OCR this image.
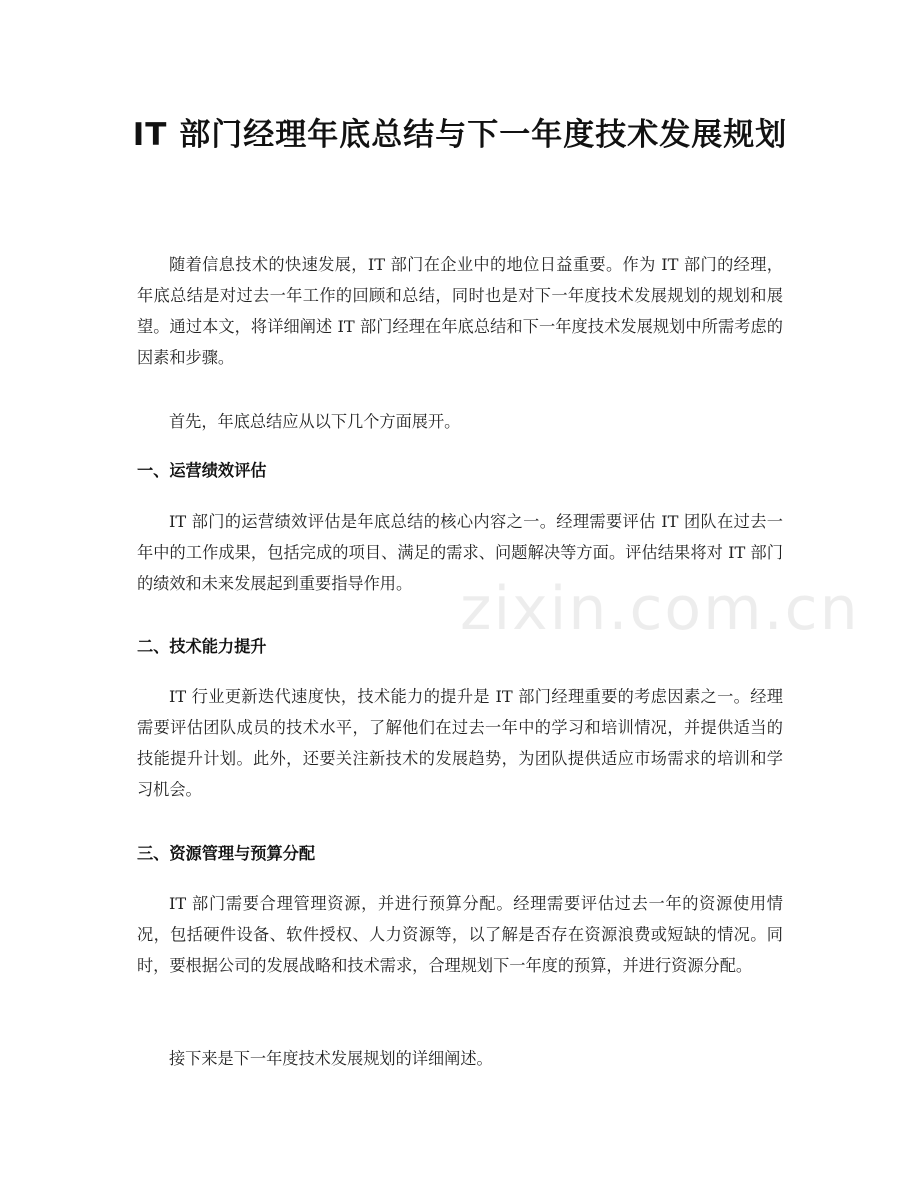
zixin.com.cn
IT 部门经理年底总结与下一年度技术发展规划

随着信息技术的快速发展，IT 部门在企业中的地位日益重要。作为 IT 部门的经理，年底总结是对过去一年工作的回顾和总结，同时也是对下一年度技术发展规划的规划和展望。通过本文，将详细阐述 IT 部门经理在年底总结和下一年度技术发展规划中所需考虑的因素和步骤。

首先，年底总结应从以下几个方面展开。

一、运营绩效评估

IT 部门的运营绩效评估是年底总结的核心内容之一。经理需要评估 IT 团队在过去一年中的工作成果，包括完成的项目、满足的需求、问题解决等方面。评估结果将对 IT 部门的绩效和未来发展起到重要指导作用。

二、技术能力提升

IT 行业更新迭代速度快，技术能力的提升是 IT 部门经理重要的考虑因素之一。经理需要评估团队成员的技术水平，了解他们在过去一年中的学习和培训情况，并提供适当的技能提升计划。此外，还要关注新技术的发展趋势，为团队提供适应市场需求的培训和学习机会。

三、资源管理与预算分配

IT 部门需要合理管理资源，并进行预算分配。经理需要评估过去一年的资源使用情况，包括硬件设备、软件授权、人力资源等，以了解是否存在资源浪费或短缺的情况。同时，要根据公司的发展战略和技术需求，合理规划下一年度的预算，并进行资源分配。

接下来是下一年度技术发展规划的详细阐述。
